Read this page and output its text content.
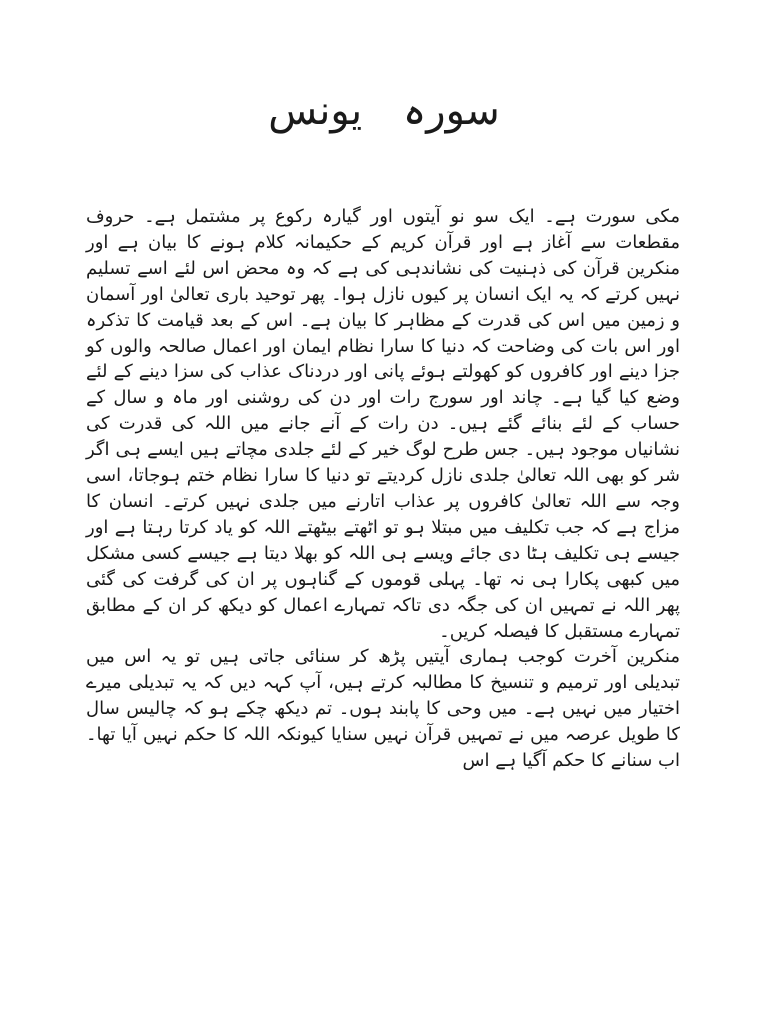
سورہ یونس

مکی سورت ہے۔ ایک سو نو آیتوں اور گیارہ رکوع پر مشتمل ہے۔ حروف مقطعات سے آغاز ہے اور قرآن کریم کے حکیمانہ کلام ہونے کا بیان ہے اور منکرین قرآن کی ذہنیت کی نشاندہی کی ہے کہ وہ محض اس لئے اسے تسلیم نہیں کرتے کہ یہ ایک انسان پر کیوں نازل ہوا۔ پھر توحید باری تعالیٰ اور آسمان و زمین میں اس کی قدرت کے مظاہر کا بیان ہے۔ اس کے بعد قیامت کا تذکرہ اور اس بات کی وضاحت کہ دنیا کا سارا نظام ایمان اور اعمال صالحہ والوں کو جزا دینے اور کافروں کو کھولتے ہوئے پانی اور دردناک عذاب کی سزا دینے کے لئے وضع کیا گیا ہے۔ چاند اور سورج رات اور دن کی روشنی اور ماہ و سال کے حساب کے لئے بنائے گئے ہیں۔ دن رات کے آنے جانے میں اللہ کی قدرت کی نشانیاں موجود ہیں۔ جس طرح لوگ خیر کے لئے جلدی مچاتے ہیں ایسے ہی اگر شر کو بھی اللہ تعالیٰ جلدی نازل کردیتے تو دنیا کا سارا نظام ختم ہوجاتا، اسی وجہ سے اللہ تعالیٰ کافروں پر عذاب اتارنے میں جلدی نہیں کرتے۔ انسان کا مزاج ہے کہ جب تکلیف میں مبتلا ہو تو اٹھتے بیٹھتے اللہ کو یاد کرتا رہتا ہے اور جیسے ہی تکلیف ہٹا دی جائے ویسے ہی اللہ کو بھلا دیتا ہے جیسے کسی مشکل میں کبھی پکارا ہی نہ تھا۔ پہلی قوموں کے گناہوں پر ان کی گرفت کی گئی پھر اللہ نے تمہیں ان کی جگہ دی تاکہ تمہارے اعمال کو دیکھ کر ان کے مطابق تمہارے مستقبل کا فیصلہ کریں۔

منکرین آخرت کوجب ہماری آیتیں پڑھ کر سنائی جاتی ہیں تو یہ اس میں تبدیلی اور ترمیم و تنسیخ کا مطالبہ کرتے ہیں، آپ کہہ دیں کہ یہ تبدیلی میرے اختیار میں نہیں ہے۔ میں وحی کا پابند ہوں۔ تم دیکھ چکے ہو کہ چالیس سال کا طویل عرصہ میں نے تمہیں قرآن نہیں سنایا کیونکہ اللہ کا حکم نہیں آیا تھا۔ اب سنانے کا حکم آگیا ہے اس
